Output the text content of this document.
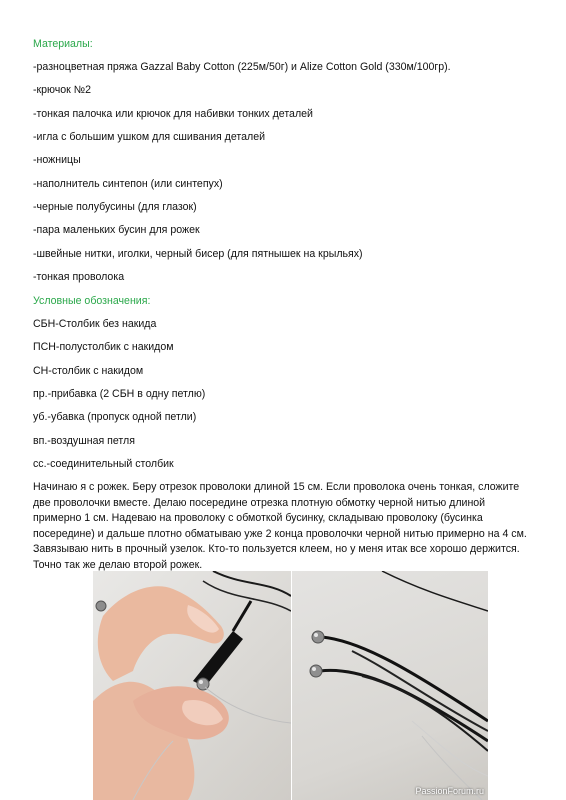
Материалы:
-разноцветная пряжа Gazzal Baby Cotton (225м/50г) и Alize Cotton Gold (330м/100гр).
-крючок №2
-тонкая палочка или крючок для набивки тонких деталей
-игла с большим ушком для сшивания деталей
-ножницы
-наполнитель синтепон (или синтепух)
-черные полубусины (для глазок)
-пара маленьких бусин для рожек
-швейные нитки, иголки, черный бисер (для пятнышек на крыльях)
-тонкая проволока
Условные обозначения:
СБН-Столбик без накида
ПСН-полустолбик с накидом
СН-столбик с накидом
пр.-прибавка (2 СБН в одну петлю)
уб.-убавка (пропуск одной петли)
вп.-воздушная петля
сс.-соединительный столбик
Начинаю я с рожек. Беру отрезок проволоки длиной 15 см. Если проволока очень тонкая, сложите
две проволочки вместе. Делаю посередине отрезка плотную обмотку черной нитью длиной
примерно 1 см. Надеваю на проволоку с обмоткой бусинку, складываю проволоку (бусинка
посередине) и дальше плотно обматываю уже 2 конца проволочки черной нитью примерно на 4 см.
Завязываю нить в прочный узелок. Кто-то пользуется клеем, но у меня итак все хорошо держится.
Точно так же делаю второй рожек.
PassionForum.ru
